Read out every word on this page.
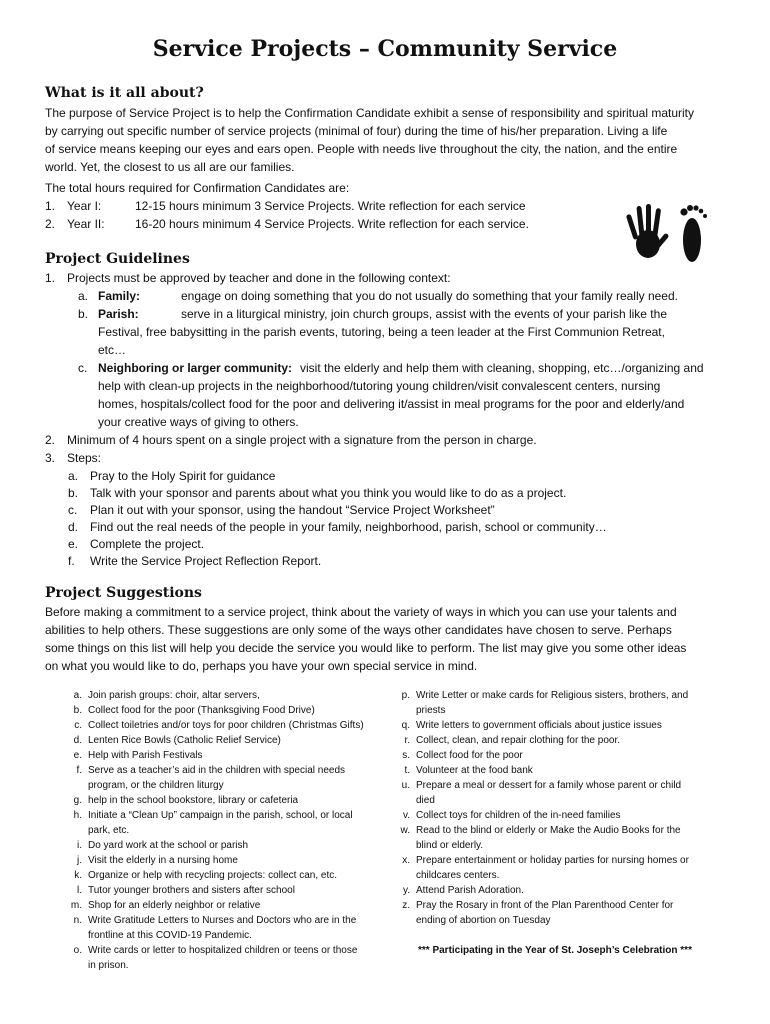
Service Projects – Community Service
What is it all about?
The purpose of Service Project is to help the Confirmation Candidate exhibit a sense of responsibility and spiritual maturity
by carrying out specific number of service projects (minimal of four) during the time of his/her preparation. Living a life
of service means keeping our eyes and ears open. People with needs live throughout the city, the nation, and the entire
world. Yet, the closest to us all are our families.
The total hours required for Confirmation Candidates are:
1. Year I:	12-15 hours minimum 3 Service Projects. Write reflection for each service
2. Year II:	16-20 hours minimum 4 Service Projects. Write reflection for each service.
Project Guidelines
1. Projects must be approved by teacher and done in the following context:
a. Family:	engage on doing something that you do not usually do something that your family really need.
b. Parish:	serve in a liturgical ministry, join church groups, assist with the events of your parish like the
Festival, free babysitting in the parish events, tutoring, being a teen leader at the First Communion Retreat,
etc…
c. Neighboring or larger community: visit the elderly and help them with cleaning, shopping, etc…/organizing and
help with clean-up projects in the neighborhood/tutoring young children/visit convalescent centers, nursing
homes, hospitals/collect food for the poor and delivering it/assist in meal programs for the poor and elderly/and
your creative ways of giving to others.
2. Minimum of 4 hours spent on a single project with a signature from the person in charge.
3. Steps:
a. Pray to the Holy Spirit for guidance
b. Talk with your sponsor and parents about what you think you would like to do as a project.
c. Plan it out with your sponsor, using the handout “Service Project Worksheet”
d. Find out the real needs of the people in your family, neighborhood, parish, school or community…
e. Complete the project.
f. Write the Service Project Reflection Report.
Project Suggestions
Before making a commitment to a service project, think about the variety of ways in which you can use your talents and
abilities to help others. These suggestions are only some of the ways other candidates have chosen to serve. Perhaps
some things on this list will help you decide the service you would like to perform. The list may give you some other ideas
on what you would like to do, perhaps you have your own special service in mind.
a. Join parish groups: choir, altar servers,
b. Collect food for the poor (Thanksgiving Food Drive)
c. Collect toiletries and/or toys for poor children (Christmas Gifts)
d. Lenten Rice Bowls (Catholic Relief Service)
e. Help with Parish Festivals
f. Serve as a teacher’s aid in the children with special needs
program, or the children liturgy
g. help in the school bookstore, library or cafeteria
h. Initiate a “Clean Up” campaign in the parish, school, or local
park, etc.
i. Do yard work at the school or parish
j. Visit the elderly in a nursing home
k. Organize or help with recycling projects: collect can, etc.
l. Tutor younger brothers and sisters after school
m. Shop for an elderly neighbor or relative
n. Write Gratitude Letters to Nurses and Doctors who are in the
frontline at this COVID-19 Pandemic.
o. Write cards or letter to hospitalized children or teens or those
in prison.
p. Write Letter or make cards for Religious sisters, brothers, and
priests
q. Write letters to government officials about justice issues
r. Collect, clean, and repair clothing for the poor.
s. Collect food for the poor
t. Volunteer at the food bank
u. Prepare a meal or dessert for a family whose parent or child
died
v. Collect toys for children of the in-need families
w. Read to the blind or elderly or Make the Audio Books for the
blind or elderly.
x. Prepare entertainment or holiday parties for nursing homes or
childcares centers.
y. Attend Parish Adoration.
z. Pray the Rosary in front of the Plan Parenthood Center for
ending of abortion on Tuesday
*** Participating in the Year of St. Joseph’s Celebration ***
